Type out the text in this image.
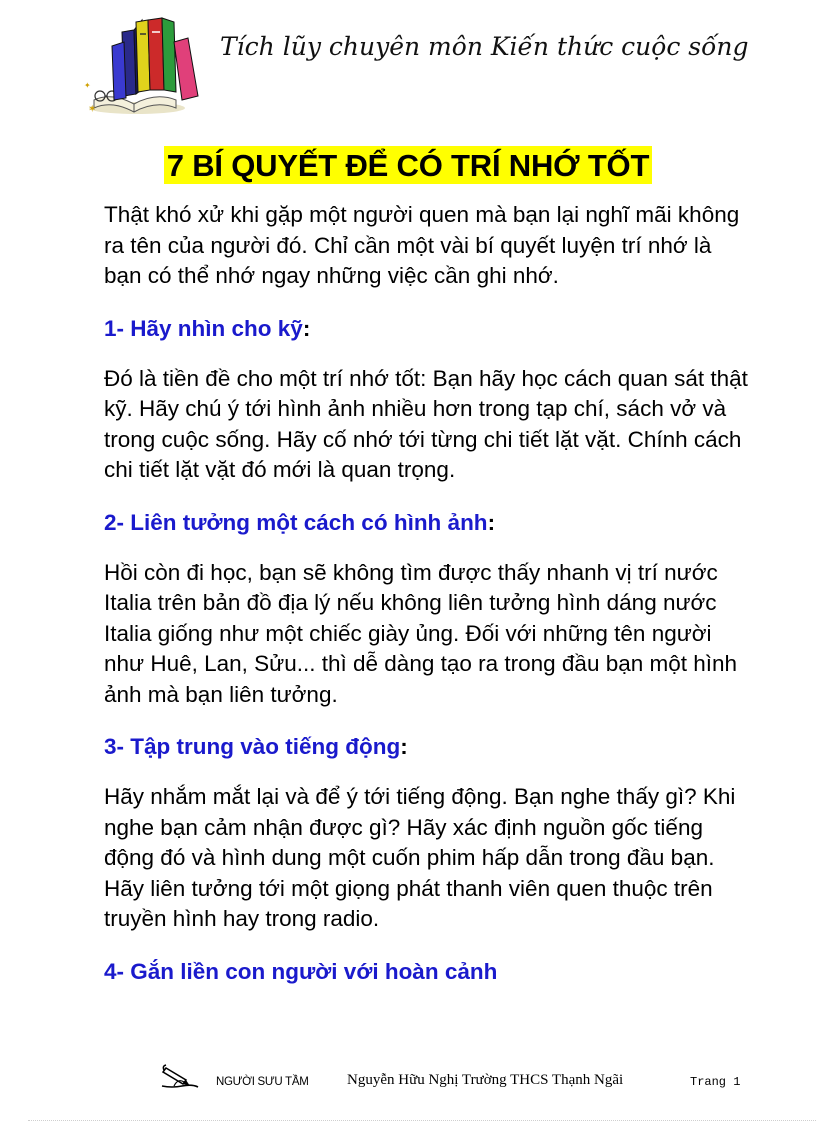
✶
✦
Tích lũy chuyên môn Kiến thức cuộc sống
7 BÍ QUYẾT ĐỂ CÓ TRÍ NHỚ TỐT

Thật khó xử khi gặp một người quen mà bạn lại nghĩ mãi không ra tên của người đó. Chỉ cần một vài bí quyết luyện trí nhớ là bạn có thể nhớ ngay những việc cần ghi nhớ.

1- Hãy nhìn cho kỹ:

Đó là tiền đề cho một trí nhớ tốt: Bạn hãy học cách quan sát thật kỹ. Hãy chú ý tới hình ảnh nhiều hơn trong tạp chí, sách vở và trong cuộc sống. Hãy cố nhớ tới từng chi tiết lặt vặt. Chính cách chi tiết lặt vặt đó mới là quan trọng.

2- Liên tưởng một cách có hình ảnh:

Hồi còn đi học, bạn sẽ không tìm được thấy nhanh vị trí nước Italia trên bản đồ địa lý nếu không liên tưởng hình dáng nước Italia giống như một chiếc giày ủng. Đối với những tên người như Huê, Lan, Sửu... thì dễ dàng tạo ra trong đầu bạn một hình ảnh mà bạn liên tưởng.

3- Tập trung vào tiếng động:

Hãy nhắm mắt lại và để ý tới tiếng động. Bạn nghe thấy gì? Khi nghe bạn cảm nhận được gì? Hãy xác định nguồn gốc tiếng động đó và hình dung một cuốn phim hấp dẫn trong đầu bạn. Hãy liên tưởng tới một giọng phát thanh viên quen thuộc trên truyền hình hay trong radio.

4- Gắn liền con người với hoàn cảnh
NGƯỜI SƯU TẦM	Nguyễn Hữu Nghị Trường THCS Thạnh Ngãi	Trang 1
